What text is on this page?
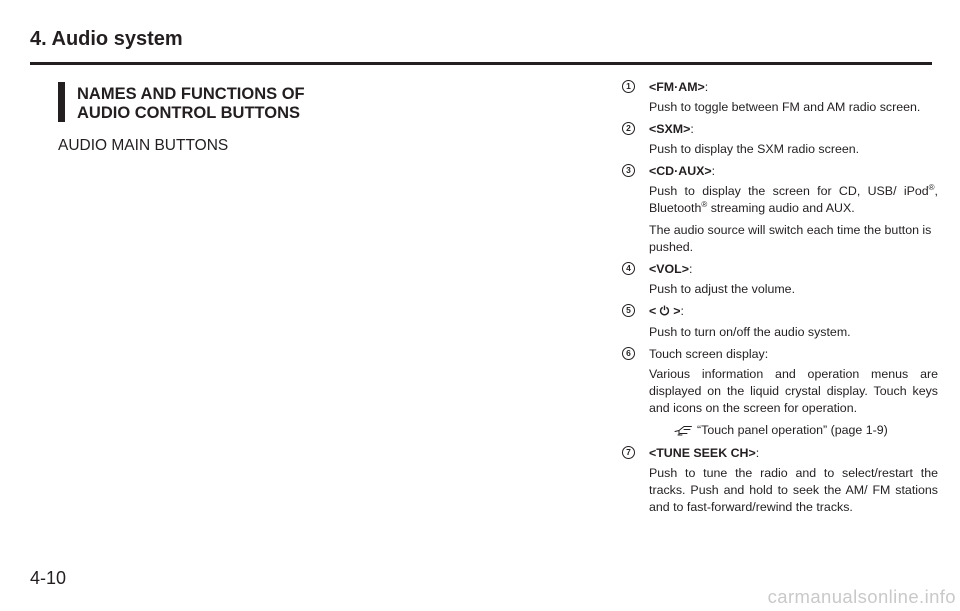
4. Audio system
NAMES AND FUNCTIONS OF
AUDIO CONTROL BUTTONS
AUDIO MAIN BUTTONS
1	<FM·AM>:
Push to toggle between FM and AM radio screen.
2	<SXM>:
Push to display the SXM radio screen.
3	<CD·AUX>:
Push to display the screen for CD, USB/ iPod®, Bluetooth® streaming audio and AUX.
The audio source will switch each time the button is pushed.
4	<VOL>:
Push to adjust the volume.
5	< >:
Push to turn on/off the audio system.
6	Touch screen display:
Various information and operation menus are displayed on the liquid crystal display. Touch keys and icons on the screen for operation.
“Touch panel operation” (page 1-9)
7	<TUNE SEEK CH>:
Push to tune the radio and to select/restart the tracks. Push and hold to seek the AM/ FM stations and to fast-forward/rewind the tracks.
4-10
carmanualsonline.info
